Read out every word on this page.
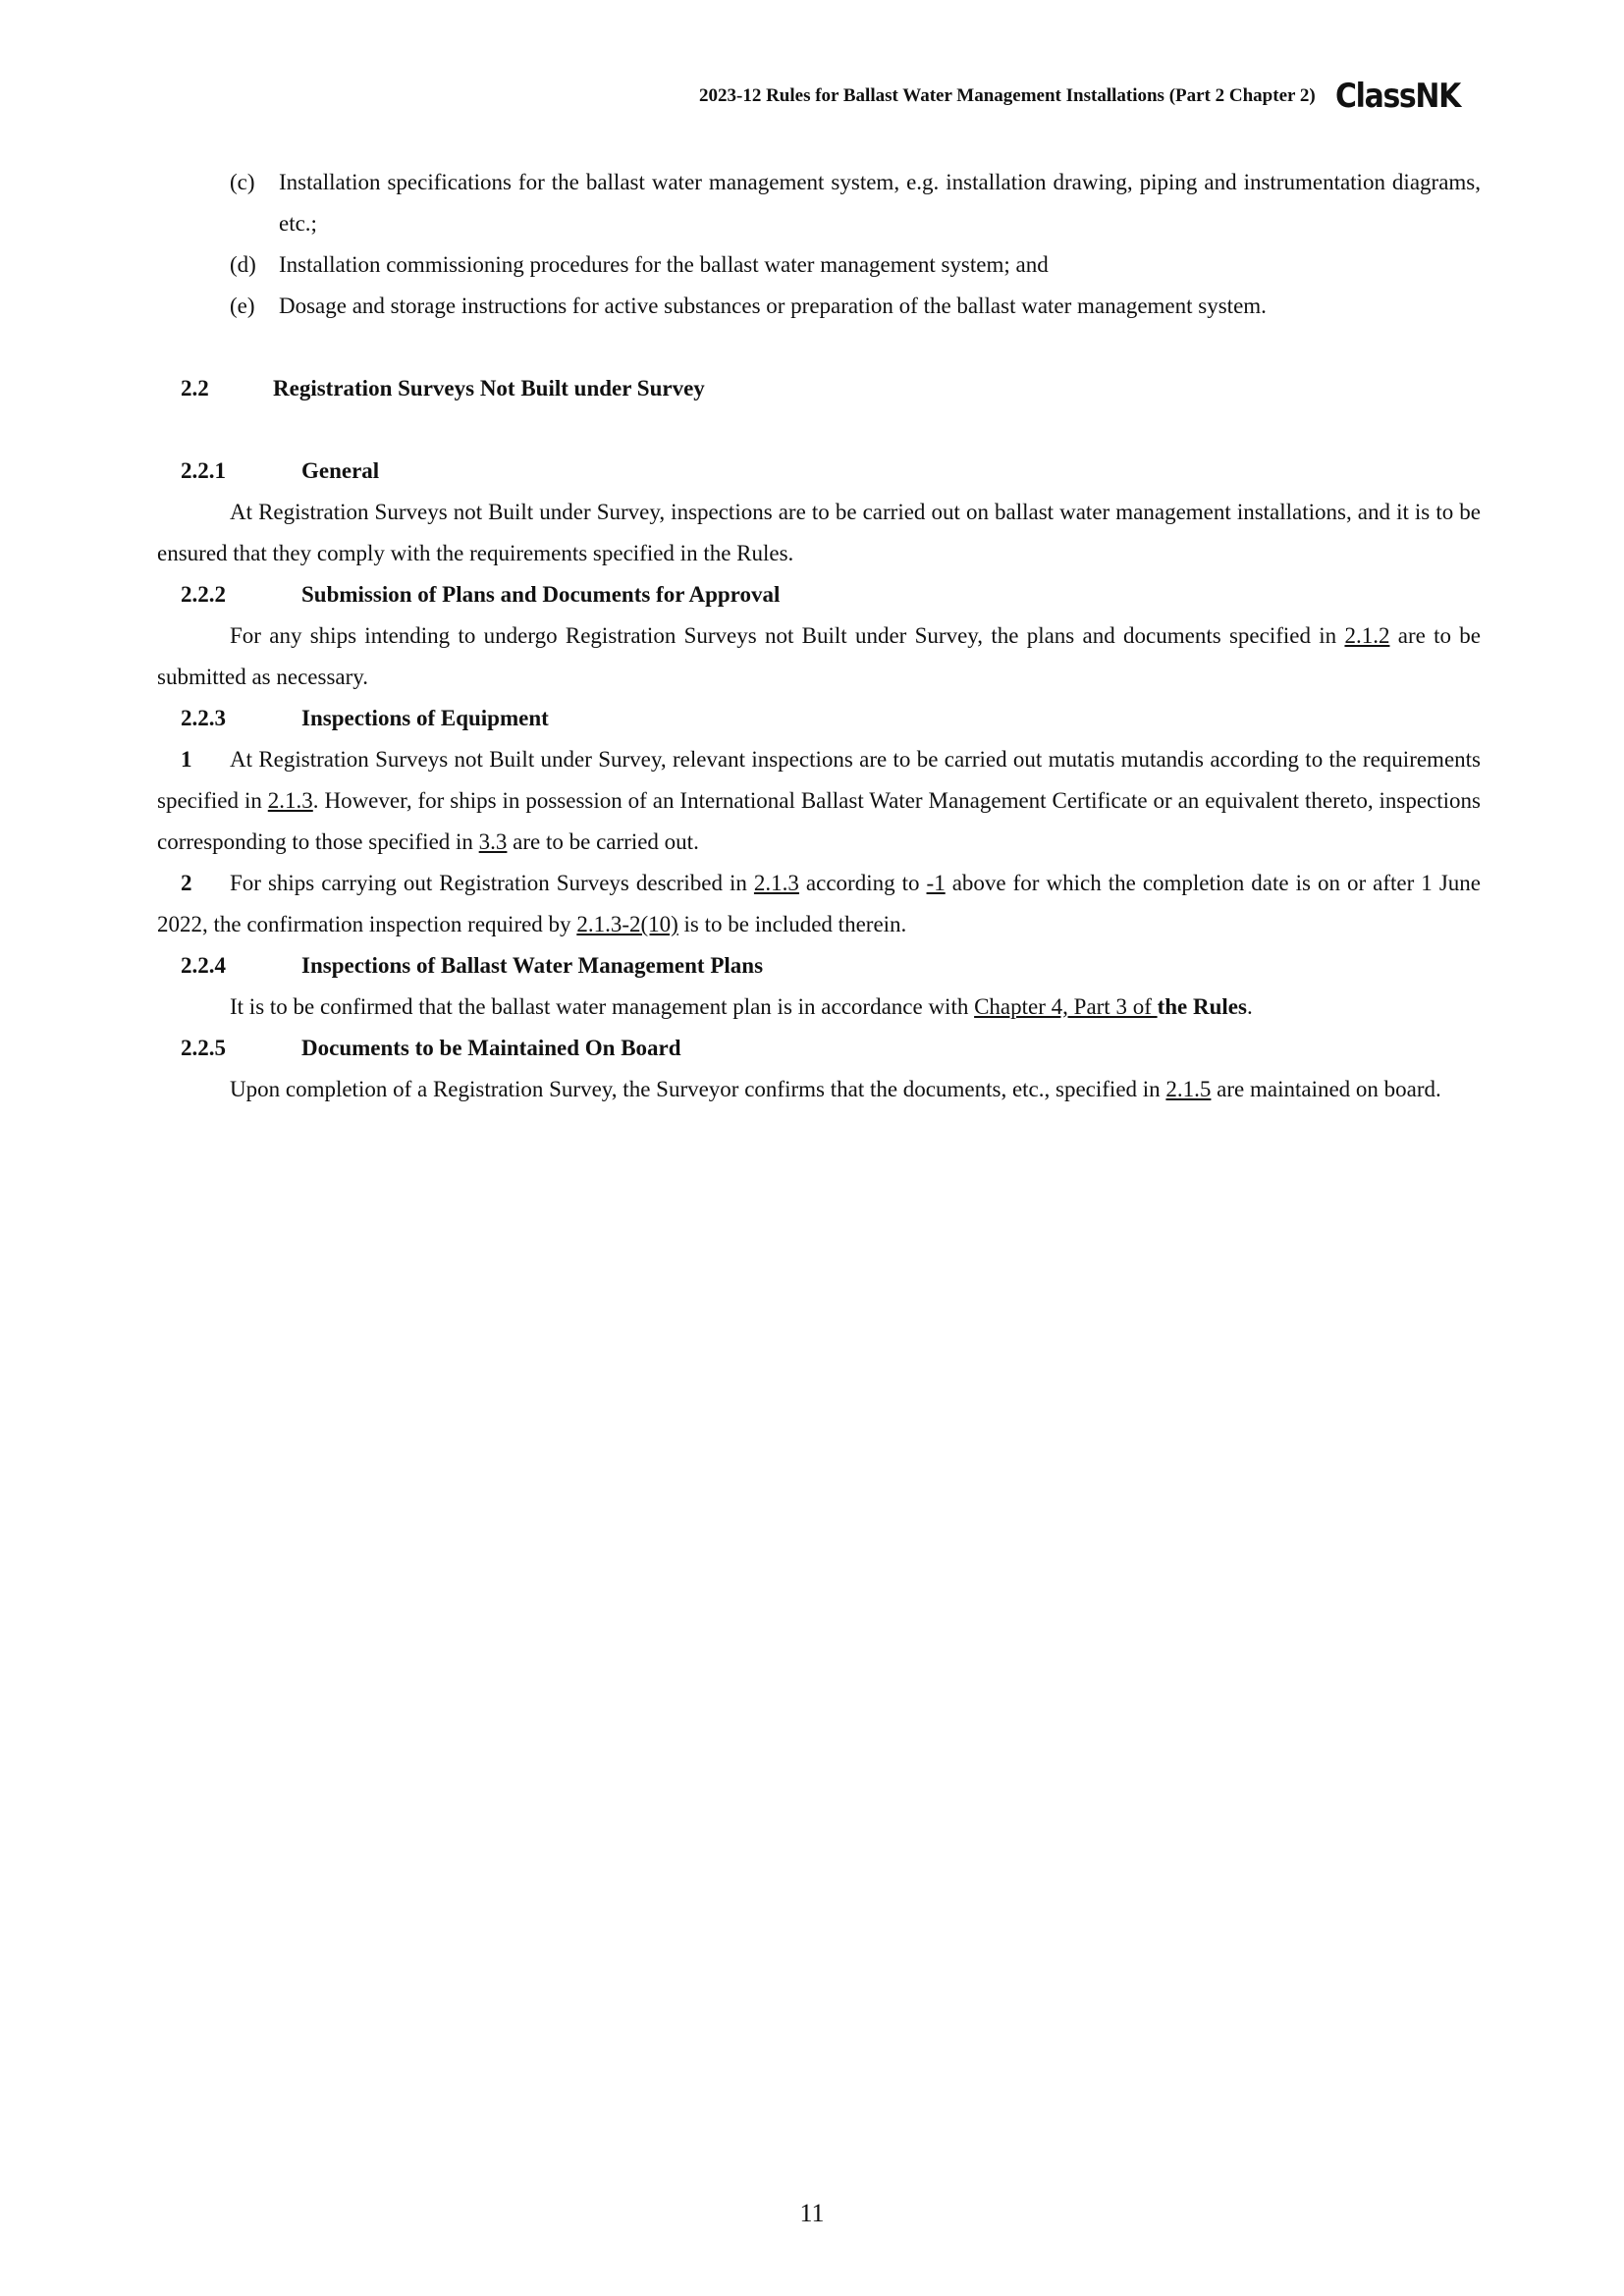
2023-12 Rules for Ballast Water Management Installations (Part 2 Chapter 2) ClassNK
(c)	Installation specifications for the ballast water management system, e.g. installation drawing, piping and instrumentation diagrams, etc.;
(d)	Installation commissioning procedures for the ballast water management system; and
(e)	Dosage and storage instructions for active substances or preparation of the ballast water management system.
2.2	Registration Surveys Not Built under Survey
2.2.1	General
At Registration Surveys not Built under Survey, inspections are to be carried out on ballast water management installations, and it is to be ensured that they comply with the requirements specified in the Rules.
2.2.2	Submission of Plans and Documents for Approval
For any ships intending to undergo Registration Surveys not Built under Survey, the plans and documents specified in 2.1.2 are to be submitted as necessary.
2.2.3	Inspections of Equipment
1 At Registration Surveys not Built under Survey, relevant inspections are to be carried out mutatis mutandis according to the requirements specified in 2.1.3. However, for ships in possession of an International Ballast Water Management Certificate or an equivalent thereto, inspections corresponding to those specified in 3.3 are to be carried out.
2 For ships carrying out Registration Surveys described in 2.1.3 according to -1 above for which the completion date is on or after 1 June 2022, the confirmation inspection required by 2.1.3-2(10) is to be included therein.
2.2.4	Inspections of Ballast Water Management Plans
It is to be confirmed that the ballast water management plan is in accordance with Chapter 4, Part 3 of the Rules.
2.2.5	Documents to be Maintained On Board
Upon completion of a Registration Survey, the Surveyor confirms that the documents, etc., specified in 2.1.5 are maintained on board.
11
